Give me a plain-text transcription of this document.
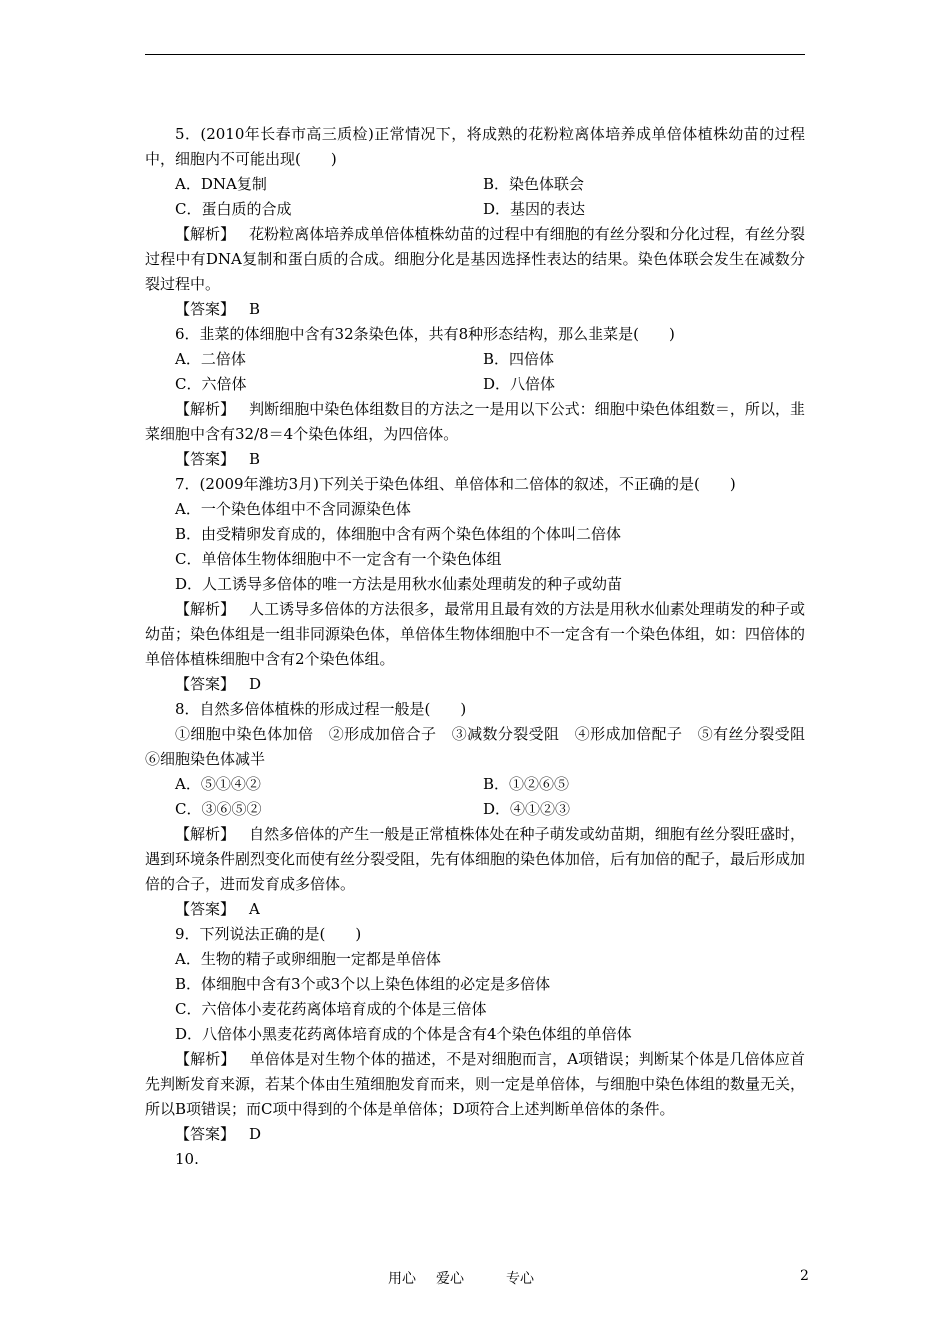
5．(2010年长春市高三质检)正常情况下，将成熟的花粉粒离体培养成单倍体植株幼苗的过程中，细胞内不可能出现(　　)

A．DNA复制	B．染色体联会
C．蛋白质的合成	D．基因的表达

【解析】 花粉粒离体培养成单倍体植株幼苗的过程中有细胞的有丝分裂和分化过程，有丝分裂过程中有DNA复制和蛋白质的合成。细胞分化是基因选择性表达的结果。染色体联会发生在减数分裂过程中。

【答案】 B

6．韭菜的体细胞中含有32条染色体，共有8种形态结构，那么韭菜是(　　)

A．二倍体	B．四倍体
C．六倍体	D．八倍体

【解析】 判断细胞中染色体组数目的方法之一是用以下公式：细胞中染色体组数＝，所以，韭菜细胞中含有32/8＝4个染色体组，为四倍体。

【答案】 B

7．(2009年潍坊3月)下列关于染色体组、单倍体和二倍体的叙述，不正确的是(　　)

A．一个染色体组中不含同源染色体

B．由受精卵发育成的，体细胞中含有两个染色体组的个体叫二倍体

C．单倍体生物体细胞中不一定含有一个染色体组

D．人工诱导多倍体的唯一方法是用秋水仙素处理萌发的种子或幼苗

【解析】 人工诱导多倍体的方法很多，最常用且最有效的方法是用秋水仙素处理萌发的种子或幼苗；染色体组是一组非同源染色体，单倍体生物体细胞中不一定含有一个染色体组，如：四倍体的单倍体植株细胞中含有2个染色体组。

【答案】 D

8．自然多倍体植株的形成过程一般是(　　)

①细胞中染色体加倍　②形成加倍合子　③减数分裂受阻　④形成加倍配子　⑤有丝分裂受阻　⑥细胞染色体减半

A．⑤①④②	B．①②⑥⑤
C．③⑥⑤②	D．④①②③

【解析】 自然多倍体的产生一般是正常植株体处在种子萌发或幼苗期，细胞有丝分裂旺盛时，遇到环境条件剧烈变化而使有丝分裂受阻，先有体细胞的染色体加倍，后有加倍的配子，最后形成加倍的合子，进而发育成多倍体。

【答案】 A

9．下列说法正确的是(　　)

A．生物的精子或卵细胞一定都是单倍体

B．体细胞中含有3个或3个以上染色体组的必定是多倍体

C．六倍体小麦花药离体培育成的个体是三倍体

D．八倍体小黑麦花药离体培育成的个体是含有4个染色体组的单倍体

【解析】 单倍体是对生物个体的描述，不是对细胞而言，A项错误；判断某个体是几倍体应首先判断发育来源，若某个体由生殖细胞发育而来，则一定是单倍体，与细胞中染色体组的数量无关，所以B项错误；而C项中得到的个体是单倍体；D项符合上述判断单倍体的条件。

【答案】 D

10.

用心 爱心	专心	2
